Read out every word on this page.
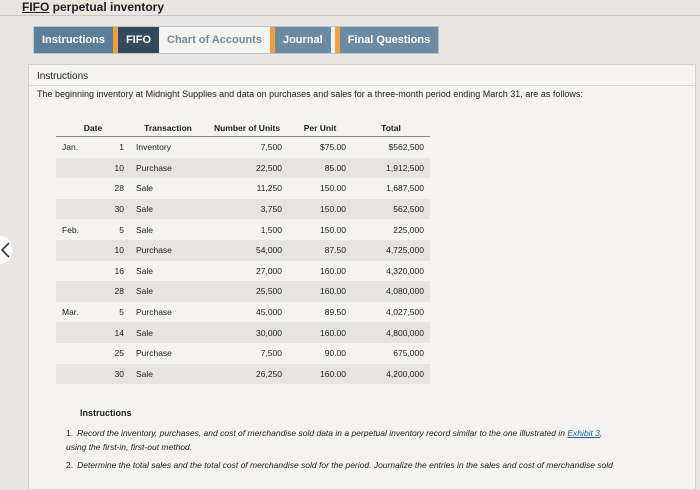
FIFO perpetual inventory
Instructions	FIFO	Chart of Accounts	Journal	Final Questions
Instructions
The beginning inventory at Midnight Supplies and data on purchases and sales for a three-month period ending March 31, are as follows:
Date		Transaction	Number of Units	Per Unit	Total
Jan.	1	Inventory	7,500	$75.00	$562,500
	10	Purchase	22,500	85.00	1,912,500
	28	Sale	11,250	150.00	1,687,500
	30	Sale	3,750	150.00	562,500
Feb.	5	Sale	1,500	150.00	225,000
	10	Purchase	54,000	87.50	4,725,000
	16	Sale	27,000	160.00	4,320,000
	28	Sale	25,500	160.00	4,080,000
Mar.	5	Purchase	45,000	89.50	4,027,500
	14	Sale	30,000	160.00	4,800,000
	25	Purchase	7,500	90.00	675,000
	30	Sale	26,250	160.00	4,200,000
Instructions
1. Record the inventory, purchases, and cost of merchandise sold data in a perpetual inventory record similar to the one illustrated in Exhibit 3,
using the first-in, first-out method.
2. Determine the total sales and the total cost of merchandise sold for the period. Journalize the entries in the sales and cost of merchandise sold
